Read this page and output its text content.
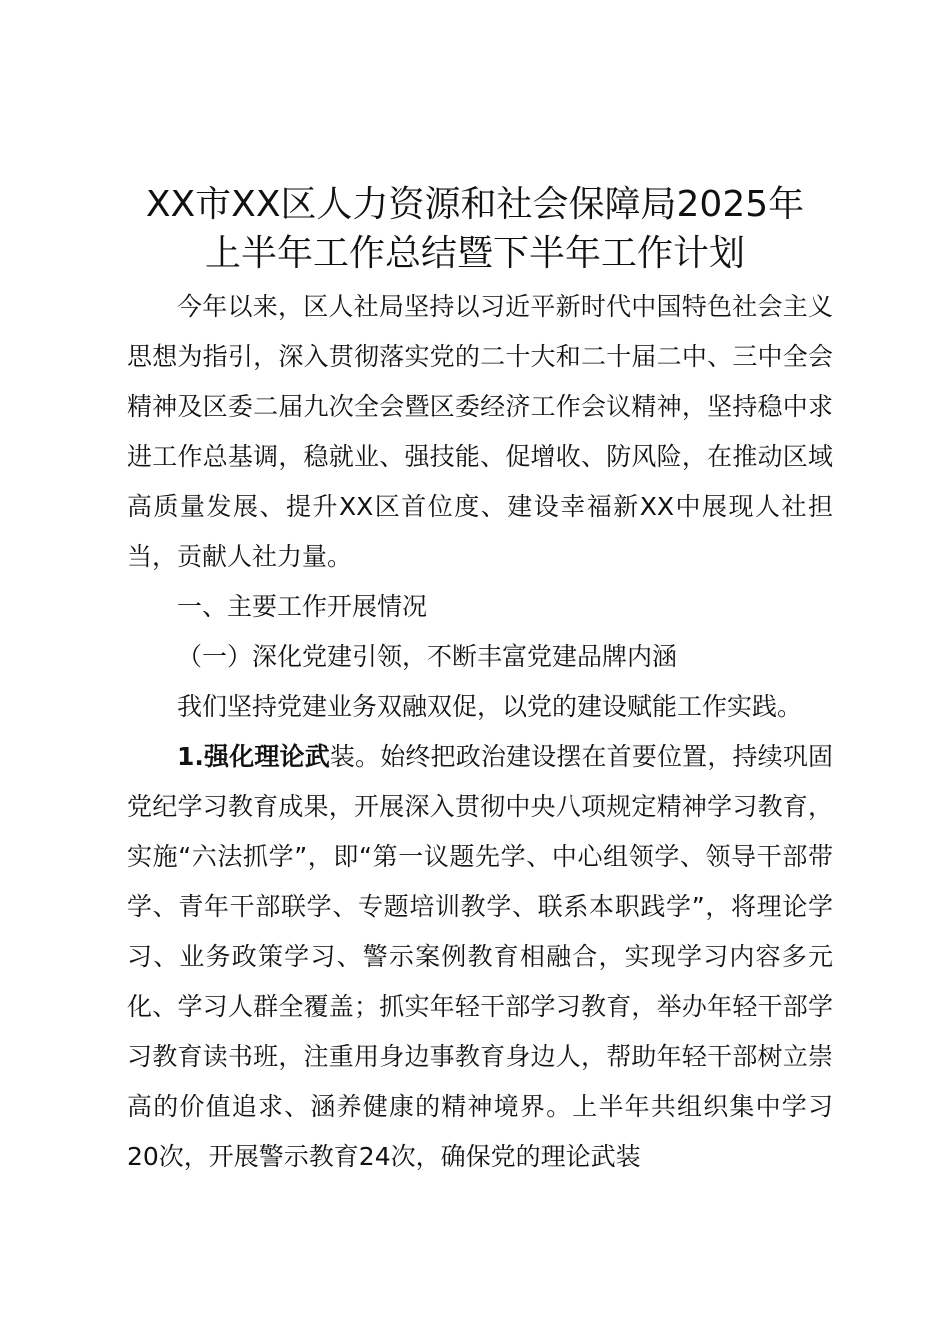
XX市XX区人力资源和社会保障局2025年
上半年工作总结暨下半年工作计划

今年以来，区人社局坚持以习近平新时代中国特色社会主义思想为指引，深入贯彻落实党的二十大和二十届二中、三中全会精神及区委二届九次全会暨区委经济工作会议精神，坚持稳中求进工作总基调，稳就业、强技能、促增收、防风险，在推动区域高质量发展、提升XX区首位度、建设幸福新XX中展现人社担当，贡献人社力量。

一、主要工作开展情况

（一）深化党建引领，不断丰富党建品牌内涵

我们坚持党建业务双融双促，以党的建设赋能工作实践。

1.强化理论武装。始终把政治建设摆在首要位置，持续巩固党纪学习教育成果，开展深入贯彻中央八项规定精神学习教育，实施“六法抓学”，即“第一议题先学、中心组领学、领导干部带学、青年干部联学、专题培训教学、联系本职践学”，将理论学习、业务政策学习、警示案例教育相融合，实现学习内容多元化、学习人群全覆盖；抓实年轻干部学习教育，举办年轻干部学习教育读书班，注重用身边事教育身边人，帮助年轻干部树立崇高的价值追求、涵养健康的精神境界。上半年共组织集中学习20次，开展警示教育24次，确保党的理论武装
